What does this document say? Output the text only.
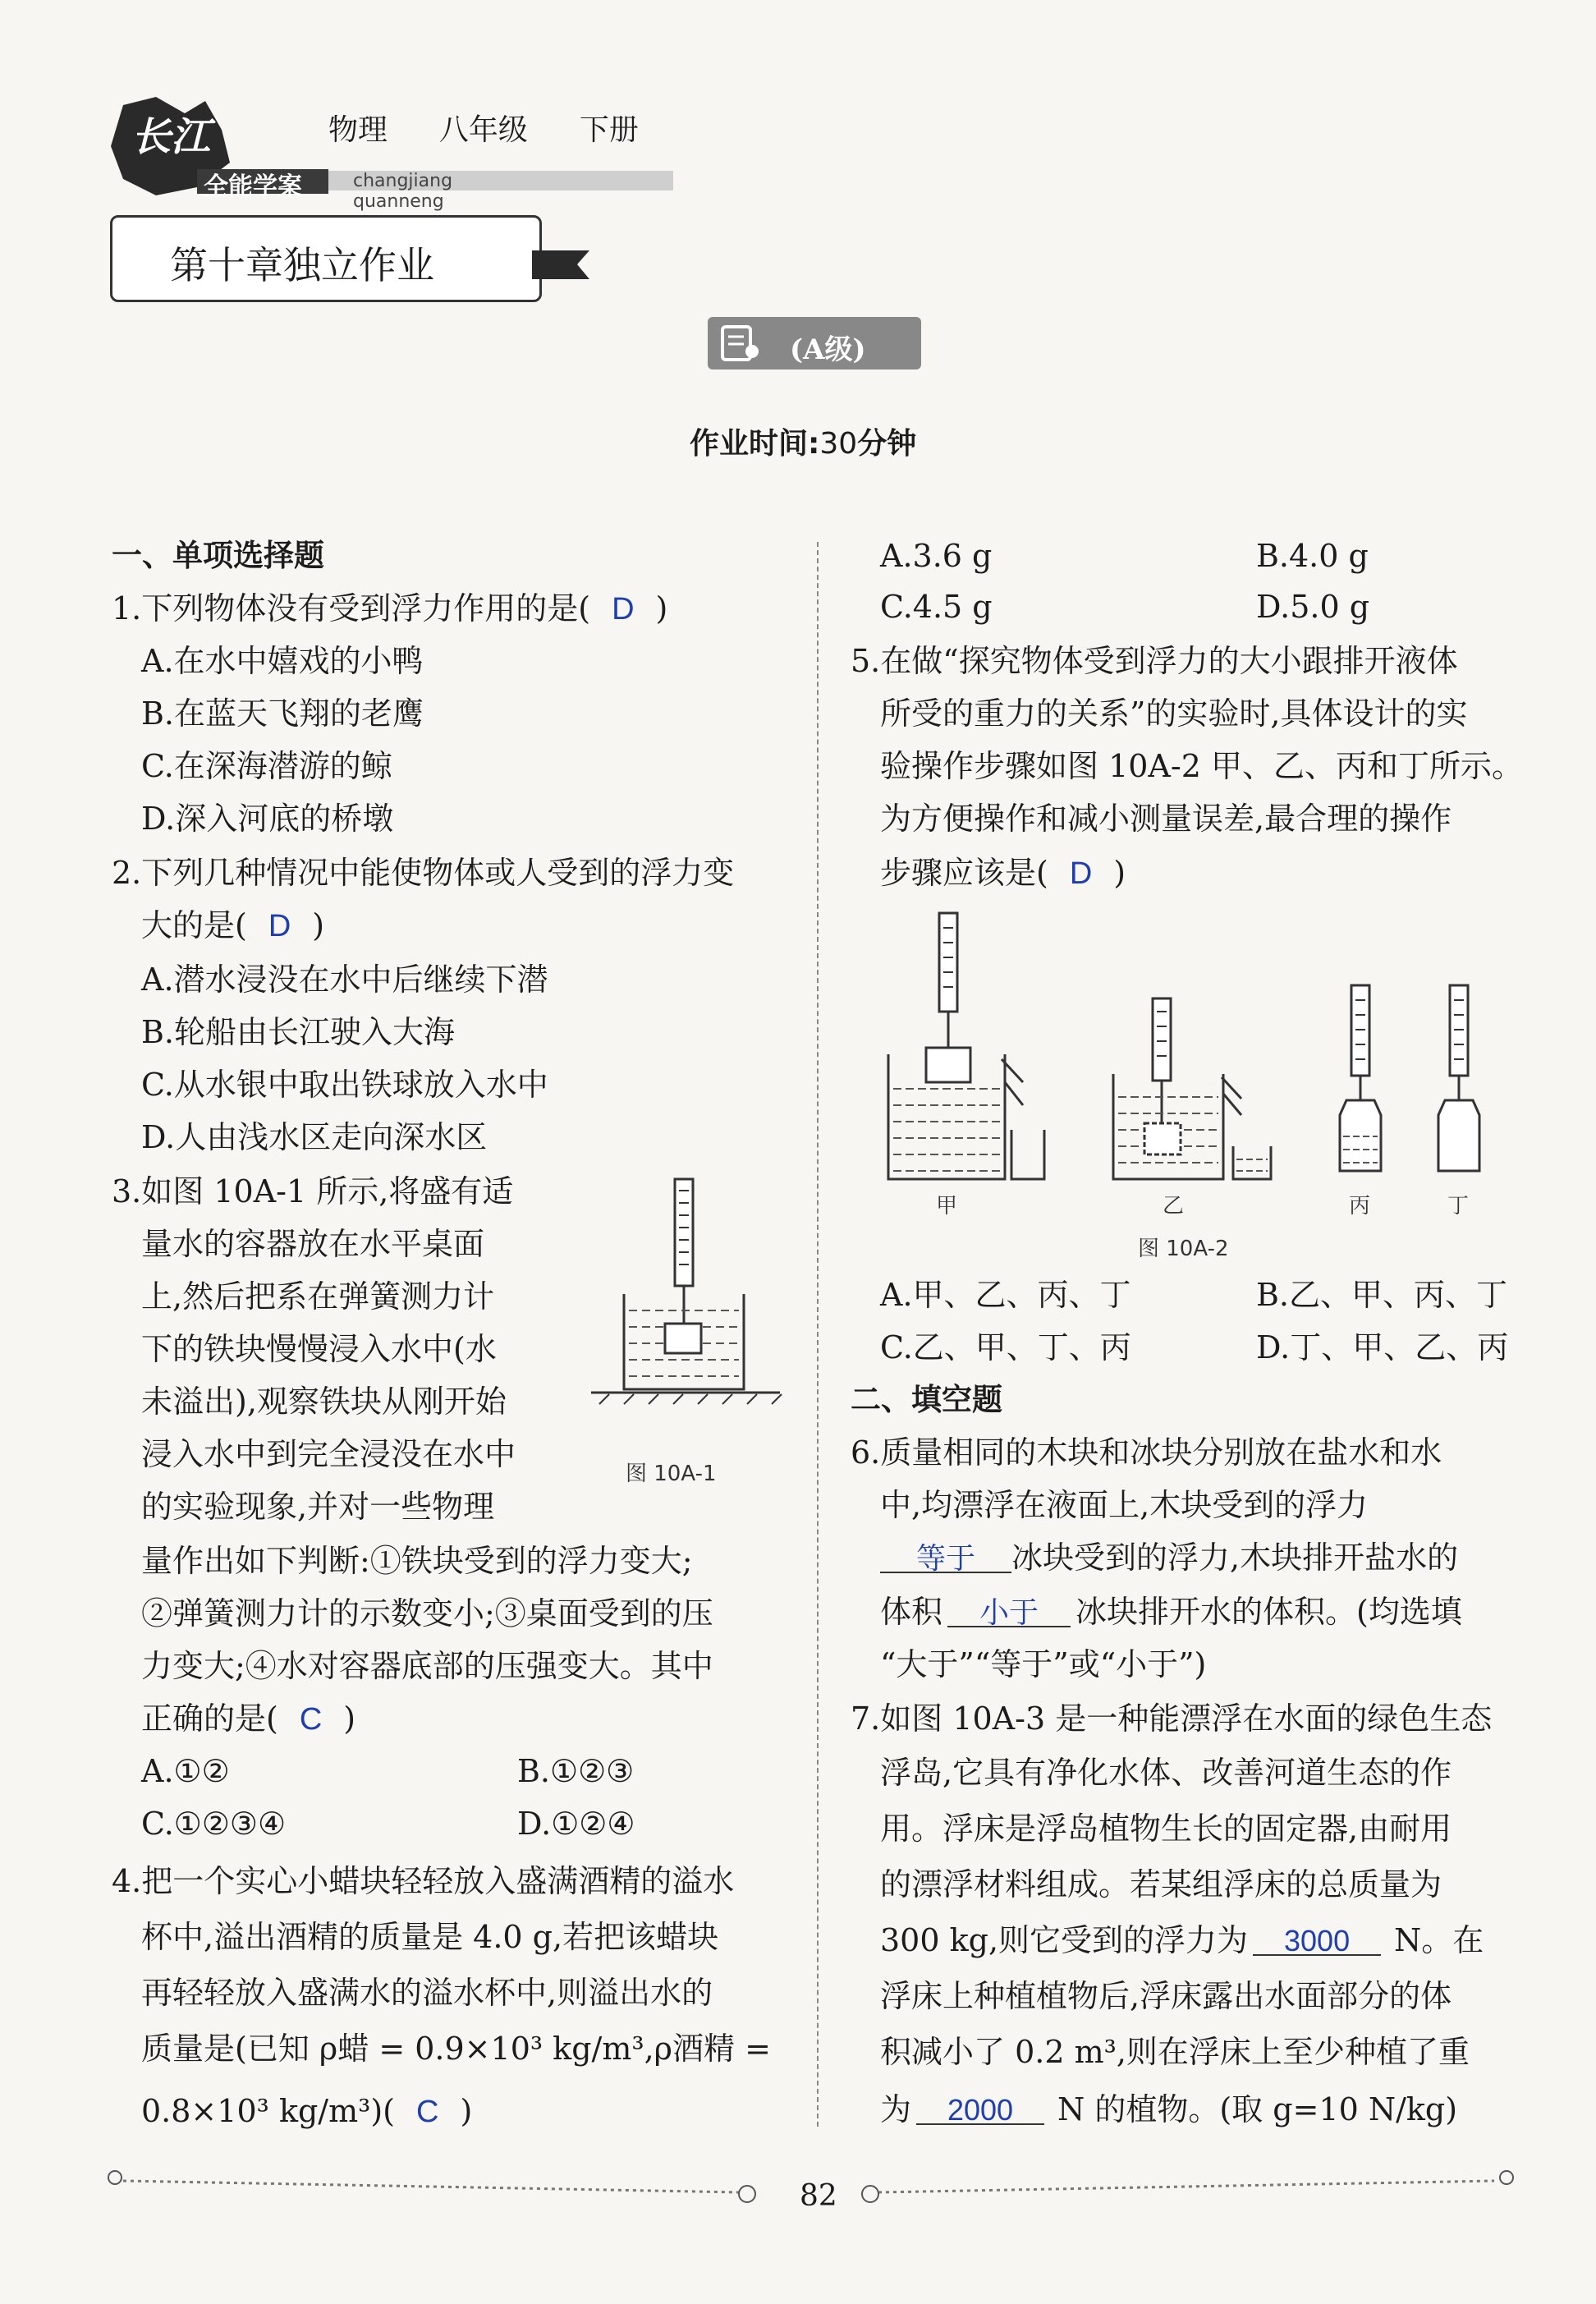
长江
全能学案	changjiang quanneng
物理 八年级 下册
第十章独立作业
(A级)
作业时间:30分钟
一、单项选择题
1.下列物体没有受到浮力作用的是( D )
A.在水中嬉戏的小鸭
B.在蓝天飞翔的老鹰
C.在深海潜游的鲸
D.深入河底的桥墩
2.下列几种情况中能使物体或人受到的浮力变
大的是( D )
A.潜水浸没在水中后继续下潜
B.轮船由长江驶入大海
C.从水银中取出铁球放入水中
D.人由浅水区走向深水区
3.如图 10A-1 所示,将盛有适
量水的容器放在水平桌面
上,然后把系在弹簧测力计
下的铁块慢慢浸入水中(水
未溢出),观察铁块从刚开始
浸入水中到完全浸没在水中
的实验现象,并对一些物理
量作出如下判断:①铁块受到的浮力变大;
②弹簧测力计的示数变小;③桌面受到的压
力变大;④水对容器底部的压强变大。其中
正确的是( C )
A.①②	B.①②③
C.①②③④	D.①②④
图 10A-1
4.把一个实心小蜡块轻轻放入盛满酒精的溢水
杯中,溢出酒精的质量是 4.0 g,若把该蜡块
再轻轻放入盛满水的溢水杯中,则溢出水的
质量是(已知 ρ蜡 = 0.9×10³ kg/m³,ρ酒精 =
0.8×10³ kg/m³)( C )
A.3.6 g	B.4.0 g
C.4.5 g	D.5.0 g
5.在做“探究物体受到浮力的大小跟排开液体
所受的重力的关系”的实验时,具体设计的实
验操作步骤如图 10A-2 甲、乙、丙和丁所示。
为方便操作和减小测量误差,最合理的操作
步骤应该是( D )
甲	乙	丙	丁
图 10A-2
A.甲、乙、丙、丁	B.乙、甲、丙、丁
C.乙、甲、丁、丙	D.丁、甲、乙、丙
二、填空题
6.质量相同的木块和冰块分别放在盐水和水
中,均漂浮在液面上,木块受到的浮力
等于 冰块受到的浮力,木块排开盐水的
体积 小于 冰块排开水的体积。(均选填
“大于”“等于”或“小于”)
7.如图 10A-3 是一种能漂浮在水面的绿色生态
浮岛,它具有净化水体、改善河道生态的作
用。浮床是浮岛植物生长的固定器,由耐用
的漂浮材料组成。若某组浮床的总质量为
300 kg,则它受到的浮力为 3000 N。在
浮床上种植植物后,浮床露出水面部分的体
积减小了 0.2 m³,则在浮床上至少种植了重
为 2000 N 的植物。(取 g=10 N/kg)
82
